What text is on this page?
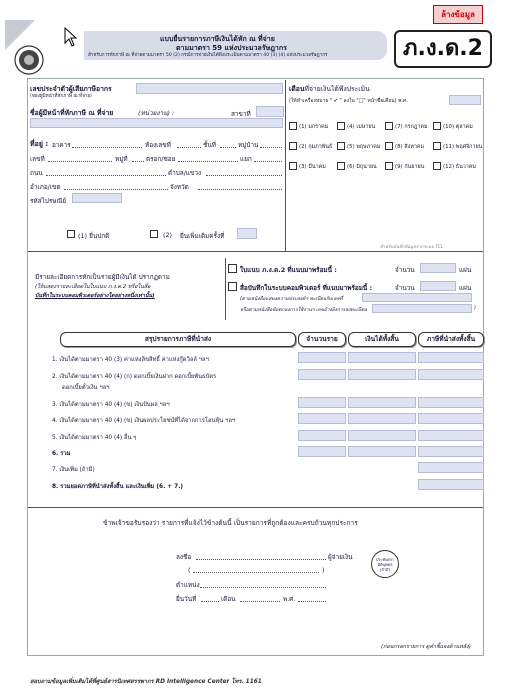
ล้างข้อมูล
แบบยื่นรายการภาษีเงินได้หัก ณ ที่จ่าย
ตามมาตรา 59 แห่งประมวลรัษฎากร
สำหรับการหักภาษี ณ ที่จ่ายตามมาตรา 50 (2) กรณีการจ่ายเงินได้พึงประเมินตามมาตรา 40 (3) (4) แห่งประมวลรัษฎากร	ภ.ง.ด.2
เลขประจำตัวผู้เสียภาษีอากร
(ของผู้มีหน้าที่หักภาษี ณ ที่จ่าย)
ชื่อผู้มีหน้าที่หักภาษี ณ ที่จ่าย	(หน่วยงาน) :	สาขาที่
ที่อยู่ : อาคาร	ห้องเลขที่	ชั้นที่	หมู่บ้าน
เลขที่	หมู่ที่	ตรอก/ซอย	แยก
ถนน	ตำบล/แขวง
อำเภอ/เขต	จังหวัด
รหัสไปรษณีย์
เดือนที่จ่ายเงินได้พึงประเมิน
(ให้ทำเครื่องหมาย " ✔ " ลงใน "□" หน้าชื่อเดือน) พ.ศ.
(1) มกราคม	(4) เมษายน	(7) กรกฎาคม	(10) ตุลาคม
(2) กุมภาพันธ์	(5) พฤษภาคม	(8) สิงหาคม	(11) พฤศจิกายน
(3) มีนาคม	(6) มิถุนายน	(9) กันยายน	(12) ธันวาคม
สำหรับบันทึกข้อมูลจากระบบ TCL
(1) ยื่นปกติ	(2) ยื่นเพิ่มเติมครั้งที่
มีรายละเอียดการหักเป็นรายผู้มีเงินได้ ปรากฏตาม
(ให้แสดงรายละเอียดในใบแนบ ภ.ง.ด.2 หรือในสื่อ
บันทึกในระบบคอมพิวเตอร์อย่างใดอย่างหนึ่งเท่านั้น)
ใบแนบ ภ.ง.ด.2 ที่แนบมาพร้อมนี้ :	จำนวน	แผ่น
สื่อบันทึกในระบบคอมพิวเตอร์ ที่แนบมาพร้อมนี้ :	จำนวน	แผ่น
(ตามหนังสือแสดงความประสงค์ฯ ทะเบียนรับเลขที่
หรือตามหนังสือข้อตกลงการใช้งานฯ เลขอ้างอิงการลงทะเบียน	)
สรุปรายการภาษีที่นำส่ง	จำนวนราย	เงินได้ทั้งสิ้น	ภาษีที่นำส่งทั้งสิ้น
1. เงินได้ตามมาตรา 40 (3) ค่าแห่งลิขสิทธิ์ ค่าแห่งกู๊ดวิลล์ ฯลฯ
2. เงินได้ตามมาตรา 40 (4) (ก) ดอกเบี้ยเงินฝาก ดอกเบี้ยพันธบัตร
ดอกเบี้ยตั๋วเงิน ฯลฯ
3. เงินได้ตามมาตรา 40 (4) (ข) เงินปันผล ฯลฯ
4. เงินได้ตามมาตรา 40 (4) (ข) เงินผลประโยชน์ที่ได้จากการโอนหุ้น ฯลฯ
5. เงินได้ตามมาตรา 40 (4) อื่น ๆ
6. รวม
7. เงินเพิ่ม (ถ้ามี)
8. รวมยอดภาษีที่นำส่งทั้งสิ้น และเงินเพิ่ม (6. + 7.)
ข้าพเจ้าขอรับรองว่า รายการที่แจ้งไว้ข้างต้นนี้ เป็นรายการที่ถูกต้องและครบถ้วนทุกประการ
ลงชื่อ	ผู้จ่ายเงิน
(	)
ตำแหน่ง
ยื่นวันที่	เดือน	พ.ศ.
ประทับตรา
นิติบุคคล
(ถ้ามี)
(ก่อนกรอกรายการ ดูคำชี้แจงด้านหลัง)
สอบถามข้อมูลเพิ่มเติมได้ที่ศูนย์สารนิเทศสรรพากร RD Intelligence Center โทร. 1161
